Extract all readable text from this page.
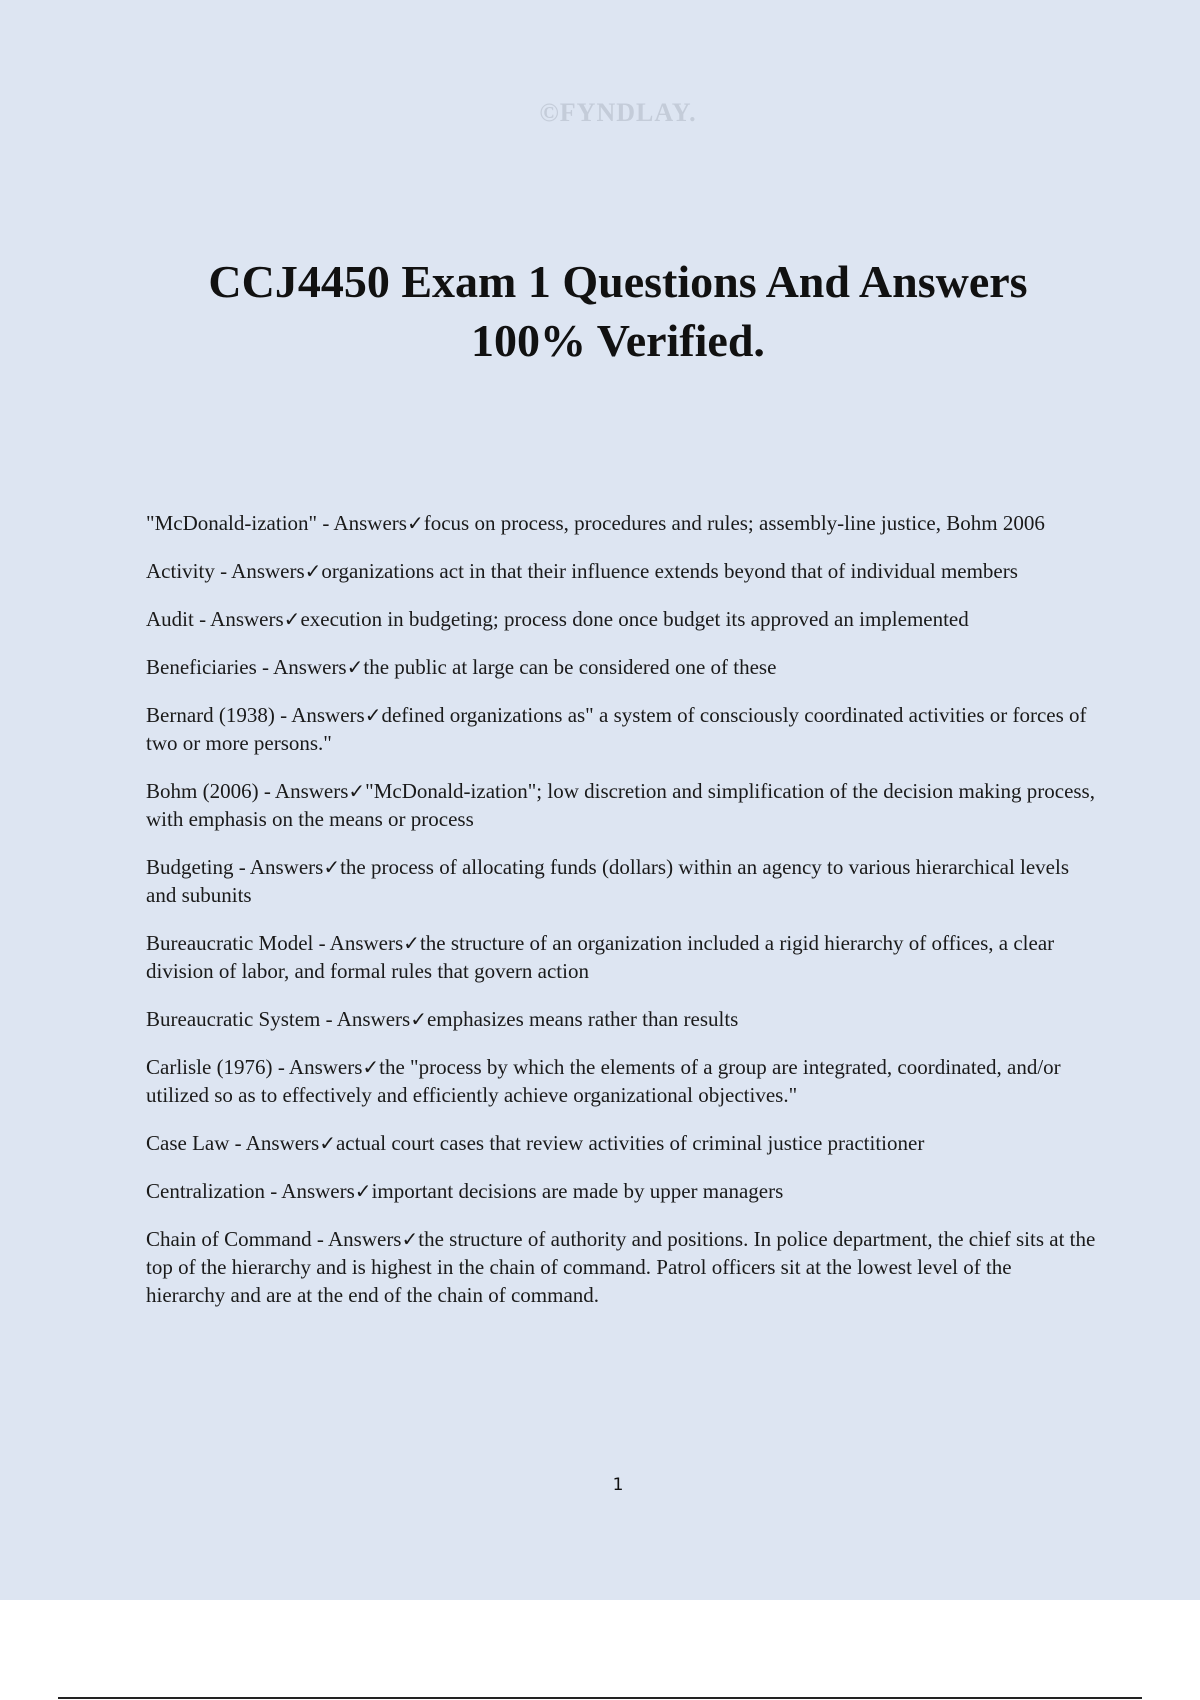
©FYNDLAY.
CCJ4450 Exam 1 Questions And Answers
100% Verified.

"McDonald-ization" - Answers✓focus on process, procedures and rules; assembly-line justice, Bohm 2006

Activity - Answers✓organizations act in that their influence extends beyond that of individual members

Audit - Answers✓execution in budgeting; process done once budget its approved an implemented

Beneficiaries - Answers✓the public at large can be considered one of these

Bernard (1938) - Answers✓defined organizations as" a system of consciously coordinated activities or forces of two or more persons."

Bohm (2006) - Answers✓"McDonald-ization"; low discretion and simplification of the decision making process, with emphasis on the means or process

Budgeting - Answers✓the process of allocating funds (dollars) within an agency to various hierarchical levels and subunits

Bureaucratic Model - Answers✓the structure of an organization included a rigid hierarchy of offices, a clear division of labor, and formal rules that govern action

Bureaucratic System - Answers✓emphasizes means rather than results

Carlisle (1976) - Answers✓the "process by which the elements of a group are integrated, coordinated, and/or utilized so as to effectively and efficiently achieve organizational objectives."

Case Law - Answers✓actual court cases that review activities of criminal justice practitioner

Centralization - Answers✓important decisions are made by upper managers

Chain of Command - Answers✓the structure of authority and positions. In police department, the chief sits at the top of the hierarchy and is highest in the chain of command. Patrol officers sit at the lowest level of the hierarchy and are at the end of the chain of command.

1
